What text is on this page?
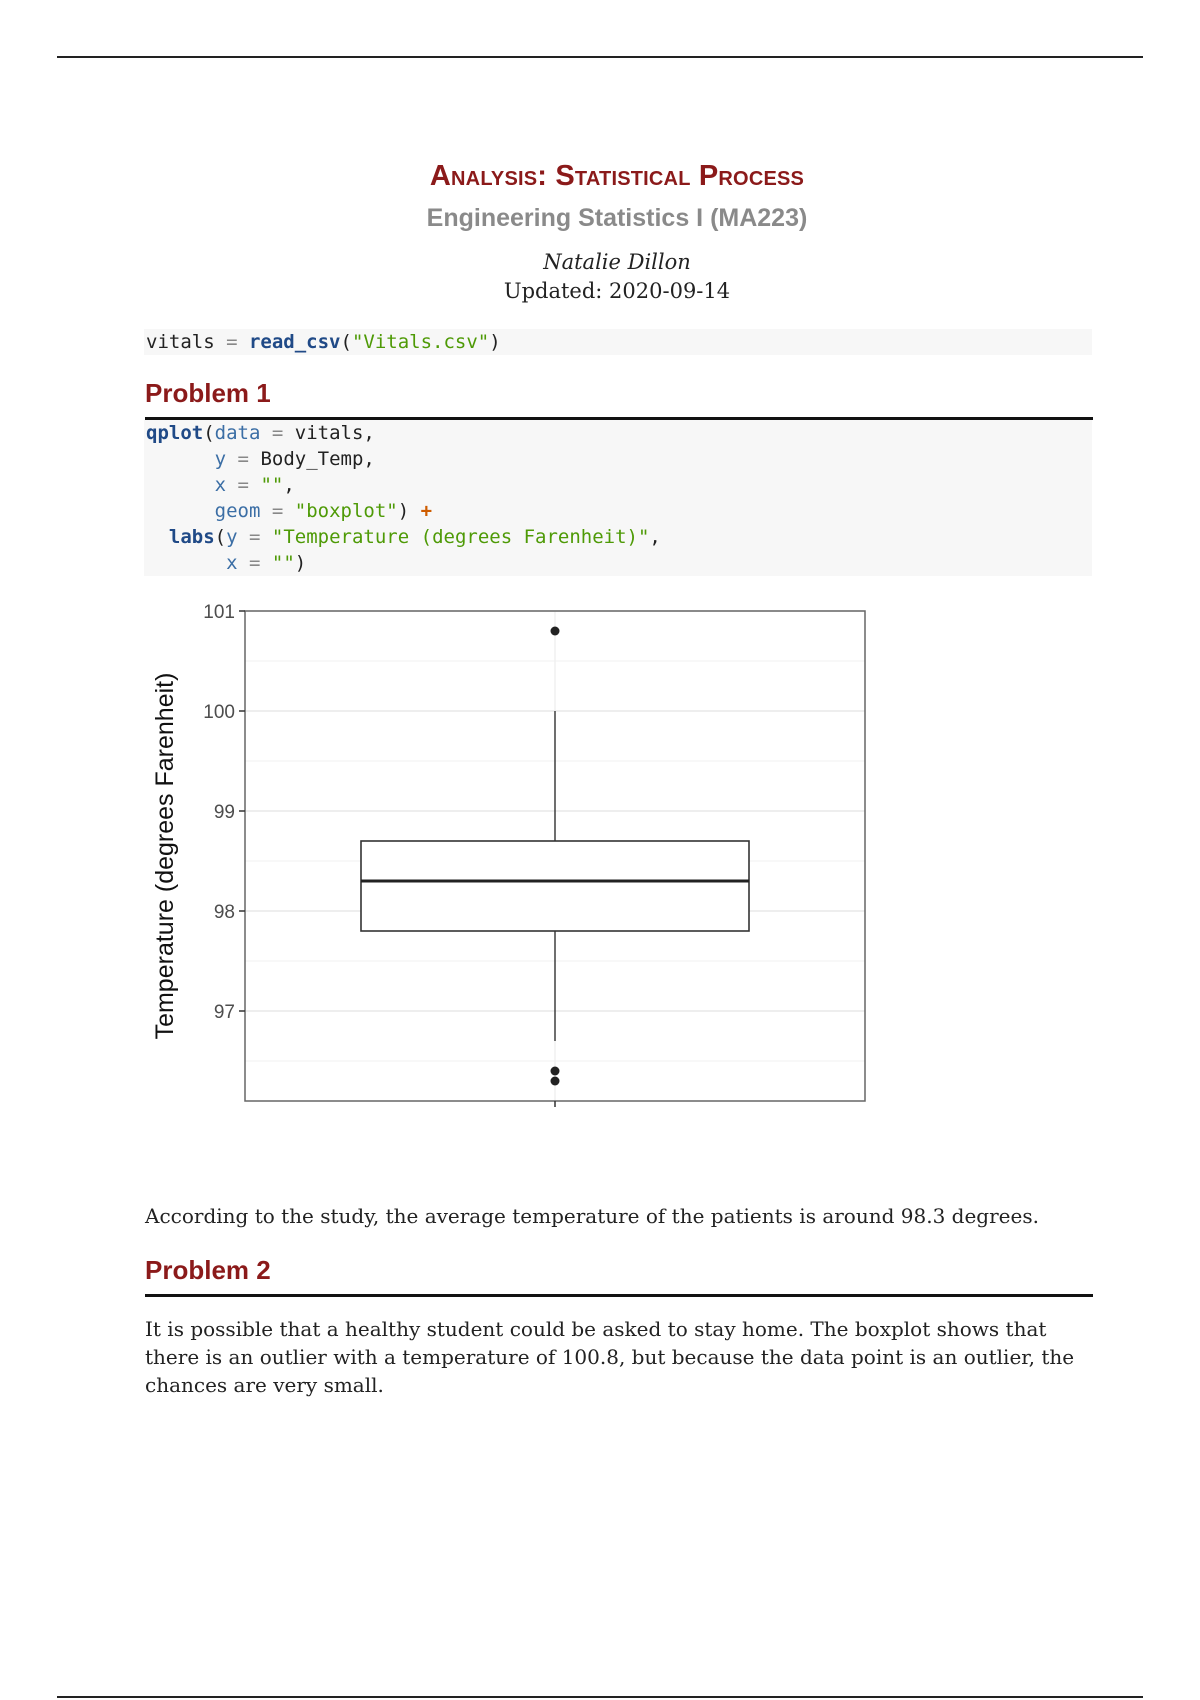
Analysis: Statistical Process
Engineering Statistics I (MA223)
Natalie Dillon
Updated: 2020-09-14
vitals = read_csv("Vitals.csv")
Problem 1
qplot(data = vitals,
y = Body_Temp,
x = "",
geom = "boxplot") +
labs(y = "Temperature (degrees Farenheit)",
x = "")
97
98
99
100
101
Temperature (degrees Farenheit)
According to the study, the average temperature of the patients is around 98.3 degrees.
Problem 2
It is possible that a healthy student could be asked to stay home. The boxplot shows that there is an outlier with a temperature of 100.8, but because the data point is an outlier, the chances are very small.
